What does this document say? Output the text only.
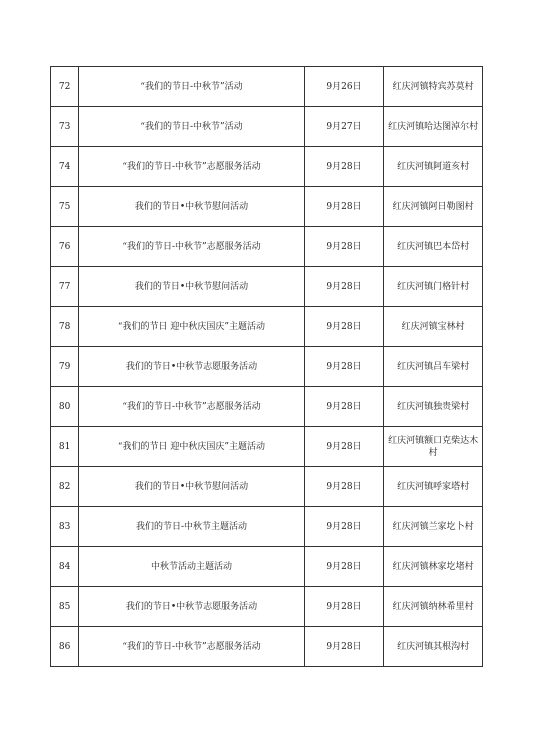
72	“我们的节日-中秋节”活动	9月26日	红庆河镇特宾苏莫村
73	“我们的节日-中秋节”活动	9月27日	红庆河镇哈达图淖尔村
74	“我们的节日-中秋节”志愿服务活动	9月28日	红庆河镇阿道亥村
75	我们的节日•中秋节慰问活动	9月28日	红庆河镇阿日勒图村
76	“我们的节日-中秋节”志愿服务活动	9月28日	红庆河镇巴本岱村
77	我们的节日•中秋节慰问活动	9月28日	红庆河镇门格针村
78	“我们的节日 迎中秋庆国庆”主题活动	9月28日	红庆河镇宝林村
79	我们的节日•中秋节志愿服务活动	9月28日	红庆河镇吕车梁村
80	“我们的节日-中秋节”志愿服务活动	9月28日	红庆河镇独贵梁村
81	“我们的节日 迎中秋庆国庆”主题活动	9月28日	红庆河镇额口克柴达木村
82	我们的节日•中秋节慰问活动	9月28日	红庆河镇呼家塔村
83	我们的节日-中秋节主题活动	9月28日	红庆河镇兰家圪卜村
84	中秋节活动主题活动	9月28日	红庆河镇林家圪堵村
85	我们的节日•中秋节志愿服务活动	9月28日	红庆河镇纳林希里村
86	“我们的节日-中秋节”志愿服务活动	9月28日	红庆河镇其根沟村
